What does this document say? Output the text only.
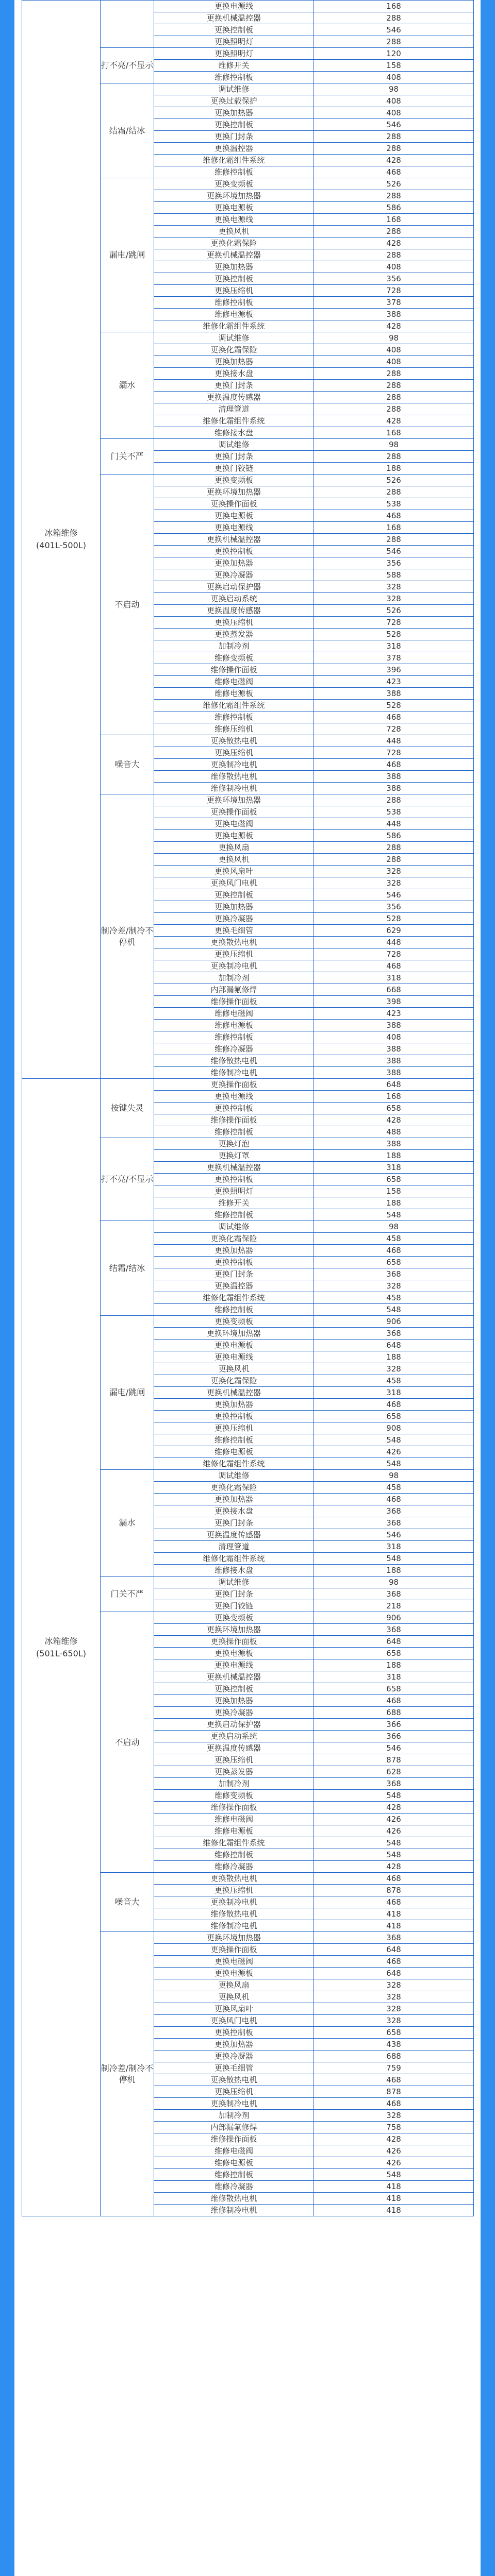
冰箱维修
(401L-500L)		更换电源线	168
		更换机械温控器	288
		更换控制板	546
		更换照明灯	288
	打不亮/不显示	更换照明灯	120
		维修开关	158
		维修控制板	408
	结霜/结冰	调试维修	98
		更换过载保护	408
		更换加热器	408
		更换控制板	546
		更换门封条	288
		更换温控器	288
		维修化霜组件系统	428
		维修控制板	468
	漏电/跳闸	更换变频板	526
		更换环境加热器	288
		更换电源板	586
		更换电源线	168
		更换风机	288
		更换化霜保险	428
		更换机械温控器	288
		更换加热器	408
		更换控制板	356
		更换压缩机	728
		维修控制板	378
		维修电源板	388
		维修化霜组件系统	428
	漏水	调试维修	98
		更换化霜保险	408
		更换加热器	408
		更换接水盘	288
		更换门封条	288
		更换温度传感器	288
		清理管道	288
		维修化霜组件系统	428
		维修接水盘	168
	门关不严	调试维修	98
		更换门封条	288
		更换门铰链	188
	不启动	更换变频板	526
		更换环境加热器	288
		更换操作面板	538
		更换电源板	468
		更换电源线	168
		更换机械温控器	288
		更换控制板	546
		更换加热器	356
		更换冷凝器	588
		更换启动保护器	328
		更换启动系统	328
		更换温度传感器	526
		更换压缩机	728
		更换蒸发器	528
		加制冷剂	318
		维修变频板	378
		维修操作面板	396
		维修电磁阀	423
		维修电源板	388
		维修化霜组件系统	528
		维修控制板	468
		维修压缩机	728
	噪音大	更换散热电机	448
		更换压缩机	728
		更换制冷电机	468
		维修散热电机	388
		维修制冷电机	388
	制冷差/制冷不停机	更换环境加热器	288
		更换操作面板	538
		更换电磁阀	448
		更换电源板	586
		更换风扇	288
		更换风机	288
		更换风扇叶	328
		更换风门电机	328
		更换控制板	546
		更换加热器	356
		更换冷凝器	528
		更换毛细管	629
		更换散热电机	448
		更换压缩机	728
		更换制冷电机	468
		加制冷剂	318
		内部漏氟修焊	668
		维修操作面板	398
		维修电磁阀	423
		维修电源板	388
		维修控制板	408
		维修冷凝器	388
		维修散热电机	388
		维修制冷电机	388
冰箱维修
(501L-650L)	按键失灵	更换操作面板	648
		更换电源线	168
		更换控制板	658
		维修操作面板	428
		维修控制板	488
	打不亮/不显示	更换灯泡	388
		更换灯罩	188
		更换机械温控器	318
		更换控制板	658
		更换照明灯	158
		维修开关	188
		维修控制板	548
	结霜/结冰	调试维修	98
		更换化霜保险	458
		更换加热器	468
		更换控制板	658
		更换门封条	368
		更换温控器	328
		维修化霜组件系统	458
		维修控制板	548
	漏电/跳闸	更换变频板	906
		更换环境加热器	368
		更换电源板	648
		更换电源线	188
		更换风机	328
		更换化霜保险	458
		更换机械温控器	318
		更换加热器	468
		更换控制板	658
		更换压缩机	908
		维修控制板	548
		维修电源板	426
		维修化霜组件系统	548
	漏水	调试维修	98
		更换化霜保险	458
		更换加热器	468
		更换接水盘	368
		更换门封条	368
		更换温度传感器	546
		清理管道	318
		维修化霜组件系统	548
		维修接水盘	188
	门关不严	调试维修	98
		更换门封条	368
		更换门铰链	218
	不启动	更换变频板	906
		更换环境加热器	368
		更换操作面板	648
		更换电源板	658
		更换电源线	188
		更换机械温控器	318
		更换控制板	658
		更换加热器	468
		更换冷凝器	688
		更换启动保护器	366
		更换启动系统	366
		更换温度传感器	546
		更换压缩机	878
		更换蒸发器	628
		加制冷剂	368
		维修变频板	548
		维修操作面板	428
		维修电磁阀	426
		维修电源板	426
		维修化霜组件系统	548
		维修控制板	548
		维修冷凝器	428
	噪音大	更换散热电机	468
		更换压缩机	878
		更换制冷电机	468
		维修散热电机	418
		维修制冷电机	418
	制冷差/制冷不停机	更换环境加热器	368
		更换操作面板	648
		更换电磁阀	468
		更换电源板	648
		更换风扇	328
		更换风机	328
		更换风扇叶	328
		更换风门电机	328
		更换控制板	658
		更换加热器	438
		更换冷凝器	688
		更换毛细管	759
		更换散热电机	468
		更换压缩机	878
		更换制冷电机	468
		加制冷剂	328
		内部漏氟修焊	758
		维修操作面板	428
		维修电磁阀	426
		维修电源板	426
		维修控制板	548
		维修冷凝器	418
		维修散热电机	418
		维修制冷电机	418
